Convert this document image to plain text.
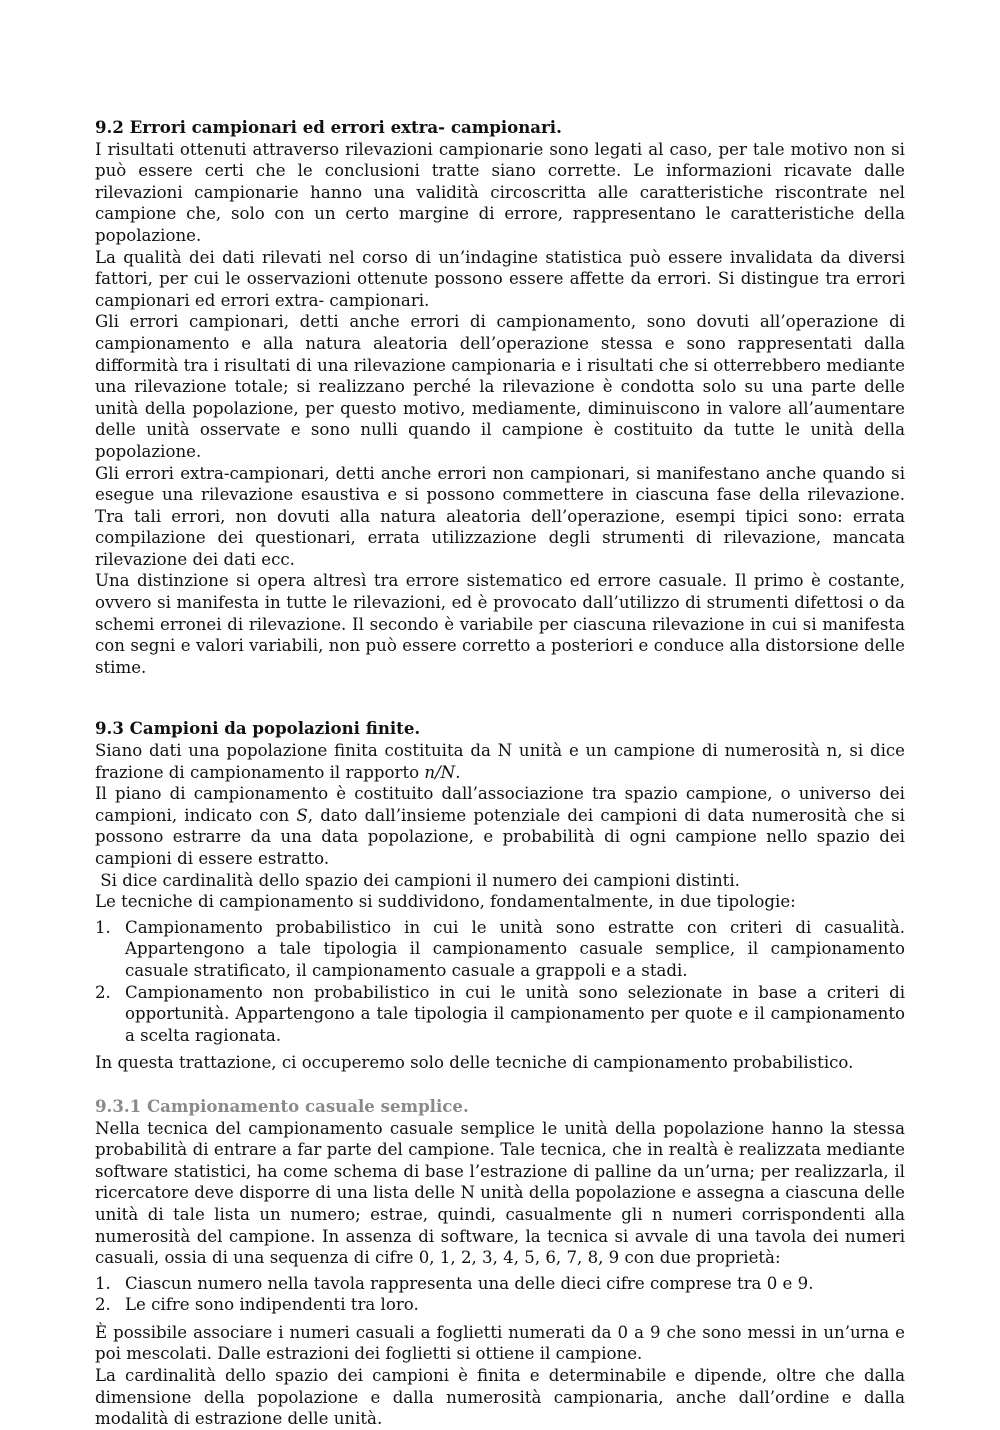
9.2 Errori campionari ed errori extra- campionari.

I risultati ottenuti attraverso rilevazioni campionarie sono legati al caso, per tale motivo non si può essere certi che le conclusioni tratte siano corrette. Le informazioni ricavate dalle rilevazioni campionarie hanno una validità circoscritta alle caratteristiche riscontrate nel campione che, solo con un certo margine di errore, rappresentano le caratteristiche della popolazione.

La qualità dei dati rilevati nel corso di un’indagine statistica può essere invalidata da diversi fattori, per cui le osservazioni ottenute possono essere affette da errori. Si distingue tra errori campionari ed errori extra- campionari.

Gli errori campionari, detti anche errori di campionamento, sono dovuti all’operazione di campionamento e alla natura aleatoria dell’operazione stessa e sono rappresentati dalla difformità tra i risultati di una rilevazione campionaria e i risultati che si otterrebbero mediante una rilevazione totale; si realizzano perché la rilevazione è condotta solo su una parte delle unità della popolazione, per questo motivo, mediamente, diminuiscono in valore all’aumentare delle unità osservate e sono nulli quando il campione è costituito da tutte le unità della popolazione.

Gli errori extra-campionari, detti anche errori non campionari, si manifestano anche quando si esegue una rilevazione esaustiva e si possono commettere in ciascuna fase della rilevazione. Tra tali errori, non dovuti alla natura aleatoria dell’operazione, esempi tipici sono: errata compilazione dei questionari, errata utilizzazione degli strumenti di rilevazione, mancata rilevazione dei dati ecc.

Una distinzione si opera altresì tra errore sistematico ed errore casuale. Il primo è costante, ovvero si manifesta in tutte le rilevazioni, ed è provocato dall’utilizzo di strumenti difettosi o da schemi erronei di rilevazione. Il secondo è variabile per ciascuna rilevazione in cui si manifesta con segni e valori variabili, non può essere corretto a posteriori e conduce alla distorsione delle stime.

9.3 Campioni da popolazioni finite.

Siano dati una popolazione finita costituita da N unità e un campione di numerosità n, si dice frazione di campionamento il rapporto n/N.

Il piano di campionamento è costituito dall’associazione tra spazio campione, o universo dei campioni, indicato con S, dato dall’insieme potenziale dei campioni di data numerosità che si possono estrarre da una data popolazione, e probabilità di ogni campione nello spazio dei campioni di essere estratto.

Si dice cardinalità dello spazio dei campioni il numero dei campioni distinti.

Le tecniche di campionamento si suddividono, fondamentalmente, in due tipologie:

1. Campionamento probabilistico in cui le unità sono estratte con criteri di casualità. Appartengono a tale tipologia il campionamento casuale semplice, il campionamento casuale stratificato, il campionamento casuale a grappoli e a stadi.
2. Campionamento non probabilistico in cui le unità sono selezionate in base a criteri di opportunità. Appartengono a tale tipologia il campionamento per quote e il campionamento a scelta ragionata.

In questa trattazione, ci occuperemo solo delle tecniche di campionamento probabilistico.

9.3.1 Campionamento casuale semplice.

Nella tecnica del campionamento casuale semplice le unità della popolazione hanno la stessa probabilità di entrare a far parte del campione. Tale tecnica, che in realtà è realizzata mediante software statistici, ha come schema di base l’estrazione di palline da un’urna; per realizzarla, il ricercatore deve disporre di una lista delle N unità della popolazione e assegna a ciascuna delle unità di tale lista un numero; estrae, quindi, casualmente gli n numeri corrispondenti alla numerosità del campione. In assenza di software, la tecnica si avvale di una tavola dei numeri casuali, ossia di una sequenza di cifre 0, 1, 2, 3, 4, 5, 6, 7, 8, 9 con due proprietà:

1. Ciascun numero nella tavola rappresenta una delle dieci cifre comprese tra 0 e 9.
2. Le cifre sono indipendenti tra loro.

È possibile associare i numeri casuali a foglietti numerati da 0 a 9 che sono messi in un’urna e poi mescolati. Dalle estrazioni dei foglietti si ottiene il campione.

La cardinalità dello spazio dei campioni è finita e determinabile e dipende, oltre che dalla dimensione della popolazione e dalla numerosità campionaria, anche dall’ordine e dalla modalità di estrazione delle unità.
